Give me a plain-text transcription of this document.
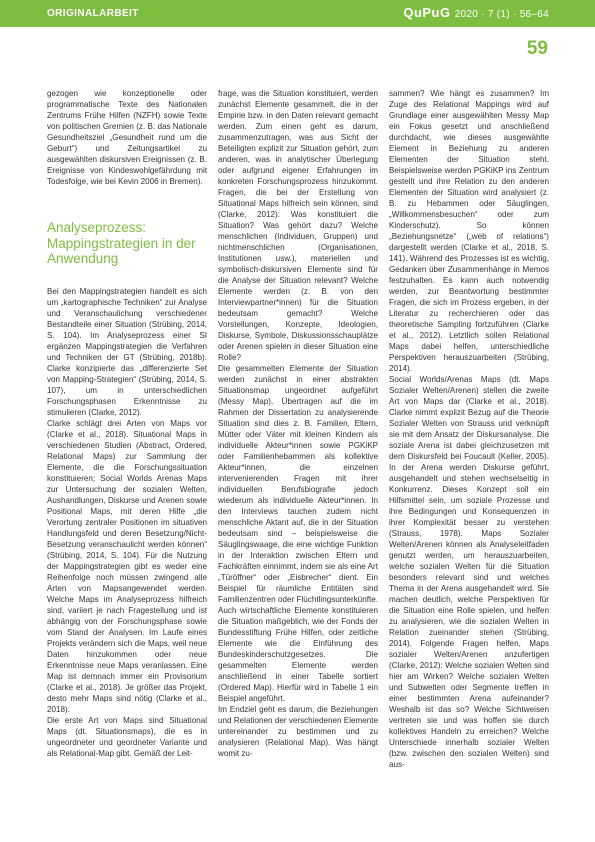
ORIGINALARBEIT	QuPuG 2020 · 7 (1) · 56–64
59

gezogen wie konzeptionelle oder programmatische Texte des Nationalen Zentrums Frühe Hilfen (NZFH) sowie Texte von politischen Gremien (z. B. das Nationale Gesundheitsziel „Gesundheit rund um die Geburt“) und Zeitungsartikel zu ausgewählten diskursiven Ereignissen (z. B. Ereignisse von Kindeswohlgefährdung mit Todesfolge, wie bei Kevin 2006 in Bremen).

Analyseprozess: Mappingstrategien in der Anwendung

Bei den Mappingstrategien handelt es sich um „kartographische Techniken“ zur Analyse und Veranschaulichung verschiedener Bestandteile einer Situation (Strübing, 2014, S. 104). Im Analyseprozess einer SI ergänzen Mappingstrategien die Verfahren und Techniken der GT (Strübing, 2018b). Clarke konzipierte das „differenzierte Set von Mapping-Strategien“ (Strübing, 2014, S. 107), um in unterschiedlichen Forschungsphasen Erkenntnisse zu stimulieren (Clarke, 2012).

Clarke schlägt drei Arten von Maps vor (Clarke et al., 2018). Situational Maps in verschiedenen Studien (Abstract, Ordered, Relational Maps) zur Sammlung der Elemente, die die Forschungssituation konstituieren; Social Worlds Arenas Maps zur Untersuchung der sozialen Welten, Aushandlungen, Diskurse und Arenen sowie Positional Maps, mit deren Hilfe „die Verortung zentraler Positionen im situativen Handlungsfeld und deren Besetzung/Nicht-Besetzung veranschaulicht werden können“ (Strübing, 2014, S. 104). Für die Nutzung der Mappingstrategien gibt es weder eine Reihenfolge noch müssen zwingend alle Arten von Mapsangewendet werden. Welche Maps im Analyseprozess hilfreich sind, variiert je nach Fragestellung und ist abhängig von der Forschungsphase sowie vom Stand der Analysen. Im Laufe eines Projekts verändern sich die Maps, weil neue Daten hinzukommen oder neue Erkenntnisse neue Maps veranlassen. Eine Map ist demnach immer ein Provisorium (Clarke et al., 2018). Je größer das Projekt, desto mehr Maps sind nötig (Clarke et al., 2018).

Die erste Art von Maps sind Situational Maps (dt. Situationsmaps), die es in ungeordneter und geordneter Variante und als Relational-Map gibt. Gemäß der Leit-

frage, was die Situation konstituiert, werden zunächst Elemente gesammelt, die in der Empirie bzw. in den Daten relevant gemacht werden. Zum einen geht es darum, zusammenzutragen, was aus Sicht der Beteiligten explizit zur Situation gehört, zum anderen, was in analytischer Überlegung oder aufgrund eigener Erfahrungen im konkreten Forschungsprozess hinzukommt. Fragen, die bei der Erstellung von Situational Maps hilfreich sein können, sind (Clarke, 2012): Was konstituiert die Situation? Was gehört dazu? Welche menschlichen (Individuen, Gruppen) und nichtmenschlichen (Organisationen, Institutionen usw.), materiellen und symbolisch-diskursiven Elemente sind für die Analyse der Situation relevant? Welche Elemente werden (z. B. von den Interviewpartner*innen) für die Situation bedeutsam gemacht? Welche Vorstellungen, Konzepte, Ideologien, Diskurse, Symbole, Diskussionsschauplätze oder Arenen spielen in dieser Situation eine Rolle?

Die gesammelten Elemente der Situation werden zunächst in einer abstrakten Situationsmap ungeordnet aufgeführt (Messy Map). Übertragen auf die im Rahmen der Dissertation zu analysierende Situation sind dies z. B. Familien, Eltern, Mütter oder Väter mit kleinen Kindern als individuelle Akteur*innen sowie PGKiKP oder Familienhebammen als kollektive Akteur*innen, die einzelnen intervenierenden Fragen mit ihrer individuellen Berufsbiografie jedoch wiederum als individuelle Akteur*innen. In den Interviews tauchen zudem nicht menschliche Aktant auf, die in der Situation bedeutsam sind – beispielsweise die Säuglingswaage, die eine wichtige Funktion in der Interaktion zwischen Eltern und Fachkräften einnimmt, indem sie als eine Art „Türöffner“ oder „Eisbrecher“ dient. Ein Beispiel für räumliche Entitäten sind Familienzentren oder Flüchtlingsunterkünfte. Auch wirtschaftliche Elemente konstituieren die Situation maßgeblich, wie der Fonds der Bundesstiftung Frühe Hilfen, oder zeitliche Elemente wie die Einführung des Bundeskinderschutzgesetzes. Die gesammelten Elemente werden anschließend in einer Tabelle sortiert (Ordered Map). Hierfür wird in Tabelle 1 ein Beispiel angeführt.

Im Endziel geht es darum, die Beziehungen und Relationen der verschiedenen Elemente untereinander zu bestimmen und zu analysieren (Relational Map). Was hängt womit zu-

sammen? Wie hängt es zusammen? Im Zuge des Relational Mappings wird auf Grundlage einer ausgewählten Messy Map ein Fokus gesetzt und anschließend durchdacht, wie dieses ausgewählte Element in Beziehung zu anderen Elementen der Situation steht. Beispielsweise werden PGKiKP ins Zentrum gestellt und ihre Relation zu den anderen Elementen der Situation wird analysiert (z. B. zu Hebammen oder Säuglingen, „Willkommensbesuchen“ oder zum Kinderschutz). So können „Beziehungsnetze“ („web of relations“) dargestellt werden (Clarke et al., 2018, S. 141). Während des Prozesses ist es wichtig, Gedanken über Zusammenhänge in Memos festzuhalten. Es kann auch notwendig werden, zur Beantwortung bestimmter Fragen, die sich im Prozess ergeben, in der Literatur zu recherchieren oder das theoretische Sampling fortzuführen (Clarke et al., 2012). Letztlich sollen Relational Maps dabei helfen, unterschiedliche Perspektiven herauszuarbeiten (Strübing, 2014).

Social Worlds/Arenas Maps (dt. Maps Sozialer Welten/Arenen) stellen die zweite Art von Maps dar (Clarke et al., 2018). Clarke nimmt explizit Bezug auf die Theorie Sozialer Welten von Strauss und verknüpft sie mit dem Ansatz der Diskursanalyse. Die soziale Arena ist dabei gleichzusetzen mit dem Diskursfeld bei Foucault (Keller, 2005). In der Arena werden Diskurse geführt, ausgehandelt und stehen wechselseitig in Konkurrenz. Dieses Konzept soll ein Hilfsmittel sein, um soziale Prozesse und ihre Bedingungen und Konsequenzen in ihrer Komplexität besser zu verstehen (Strauss, 1978). Maps Sozialer Welten/Arenen können als Analyseleitfaden genutzt werden, um herauszuarbeiten, welche sozialen Welten für die Situation besonders relevant sind und welches Thema in der Arena ausgehandelt wird. Sie machen deutlich, welche Perspektiven für die Situation eine Rolle spielen, und helfen zu analysieren, wie die sozialen Welten in Relation zueinander stehen (Strübing, 2014). Folgende Fragen helfen, Maps sozialer Welten/Arenen anzufertigen (Clarke, 2012): Welche sozialen Welten sind hier am Wirken? Welche sozialen Welten und Subwelten oder Segmente treffen in einer bestimmten Arena aufeinander? Weshalb ist das so? Welche Sichtweisen vertreten sie und was hoffen sie durch kollektives Handeln zu erreichen? Welche Unterschiede innerhalb sozialer Welten (bzw. zwischen den sozialen Welten) sind aus-
